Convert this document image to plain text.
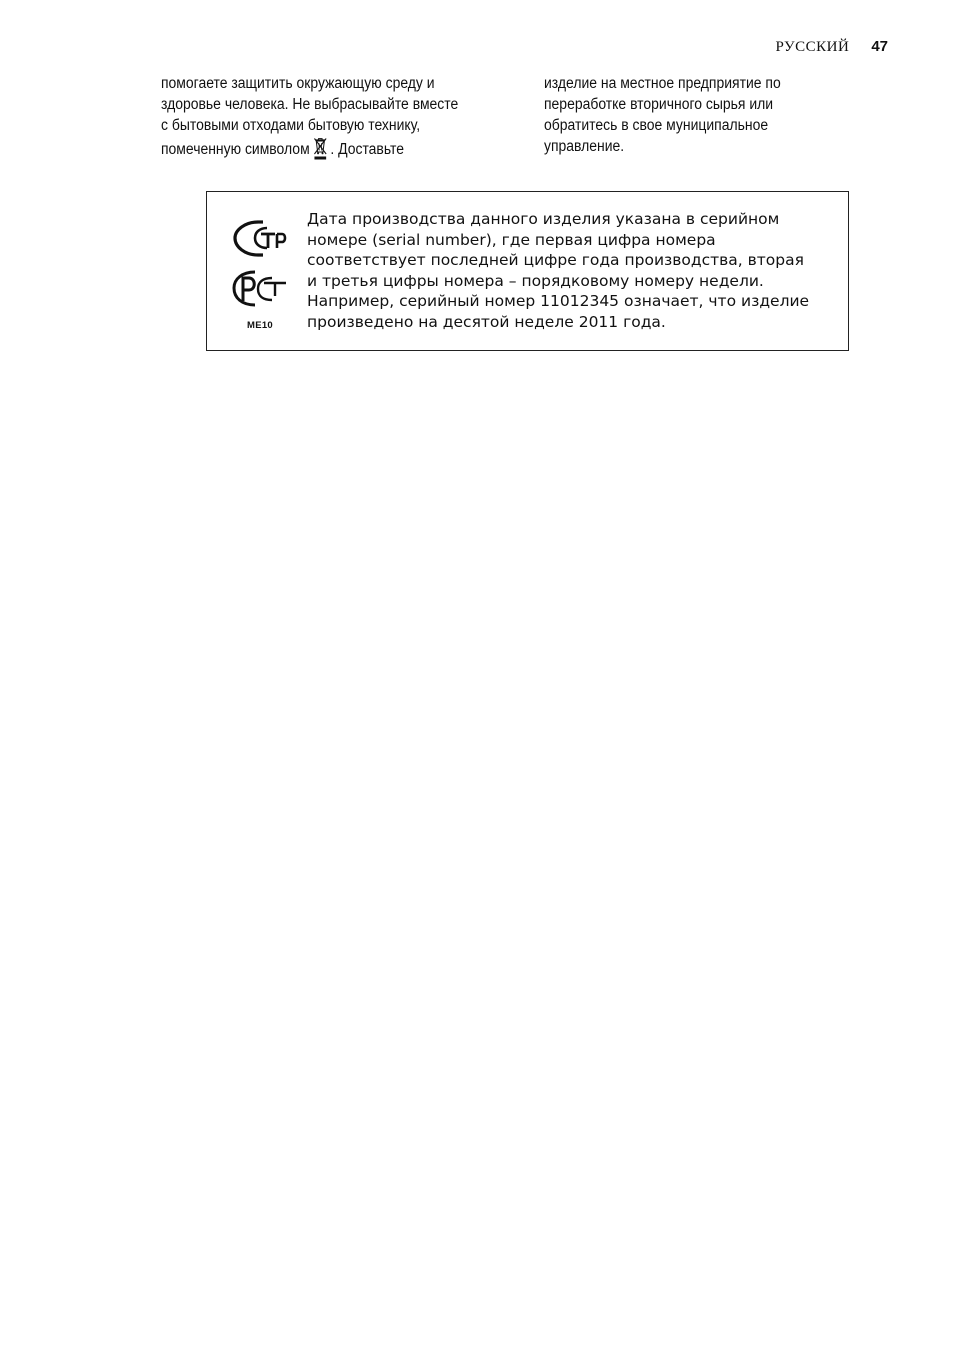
РУССКИЙ 47
помогаете защитить окружающую среду и
здоровье человека. Не выбрасывайте вместе
с бытовыми отходами бытовую технику,
помеченную символом . Доставьте
изделие на местное предприятие по
переработке вторичного сырья или
обратитесь в свое муниципальное
управление.
Дата производства данного изделия указана в серийном
номере (serial number), где первая цифра номера
соответствует последней цифре года производства, вторая
и третья цифры номера – порядковому номеру недели.
Например, серийный номер 11012345 означает, что изделие
произведено на десятой неделе 2011 года.
ME10
